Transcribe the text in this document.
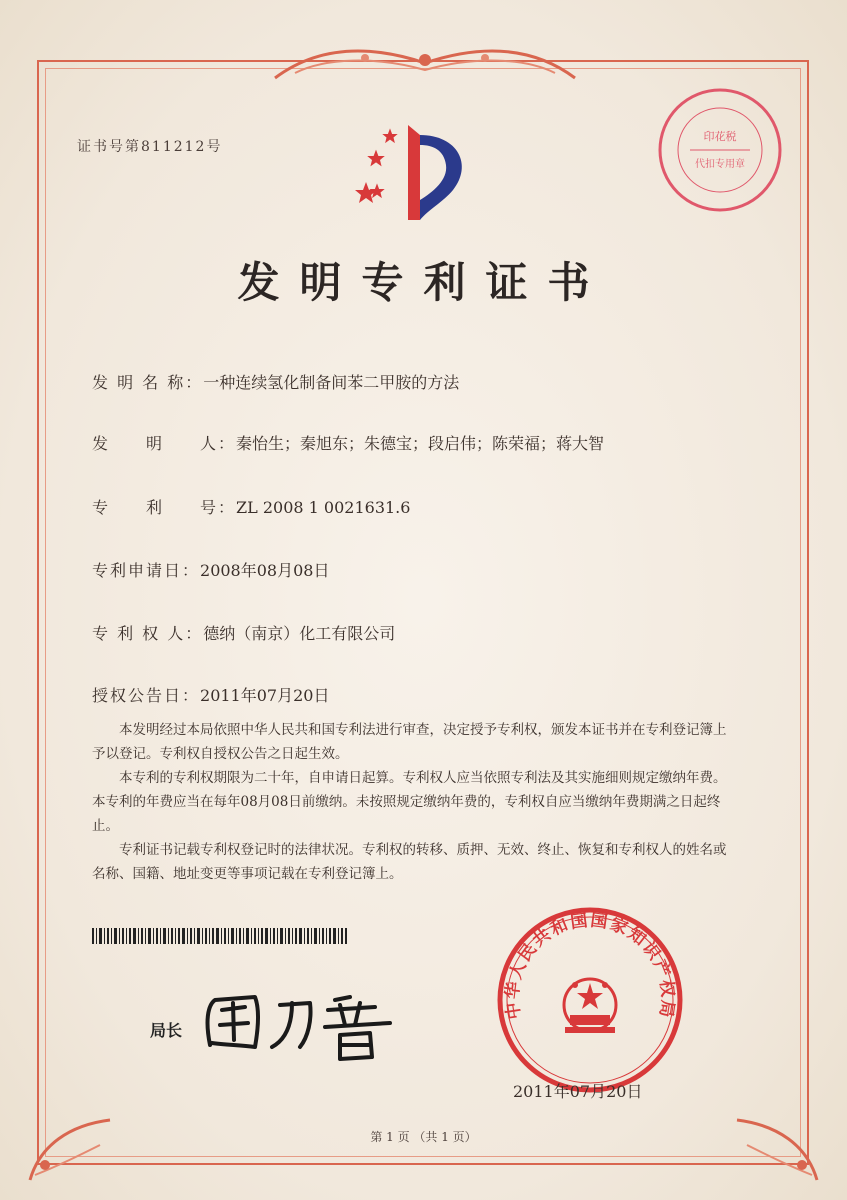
印花税
代扣专用章
证书号第811212号
发明专利证书
发 明 名 称：一种连续氢化制备间苯二甲胺的方法
发　　明　　人：秦怡生；秦旭东；朱德宝；段启伟；陈荣福；蒋大智
专　　利　　号：ZL 2008 1 0021631.6
专利申请日：2008年08月08日
专 利 权 人：德纳（南京）化工有限公司
授权公告日：2011年07月20日

本发明经过本局依照中华人民共和国专利法进行审查，决定授予专利权，颁发本证书并在专利登记簿上予以登记。专利权自授权公告之日起生效。

本专利的专利权期限为二十年，自申请日起算。专利权人应当依照专利法及其实施细则规定缴纳年费。本专利的年费应当在每年08月08日前缴纳。未按照规定缴纳年费的，专利权自应当缴纳年费期满之日起终止。

专利证书记载专利权登记时的法律状况。专利权的转移、质押、无效、终止、恢复和专利权人的姓名或名称、国籍、地址变更等事项记载在专利登记簿上。

局长
中华人民共和国国家知识产权局
2011年07月20日
第 1 页 （共 1 页）
